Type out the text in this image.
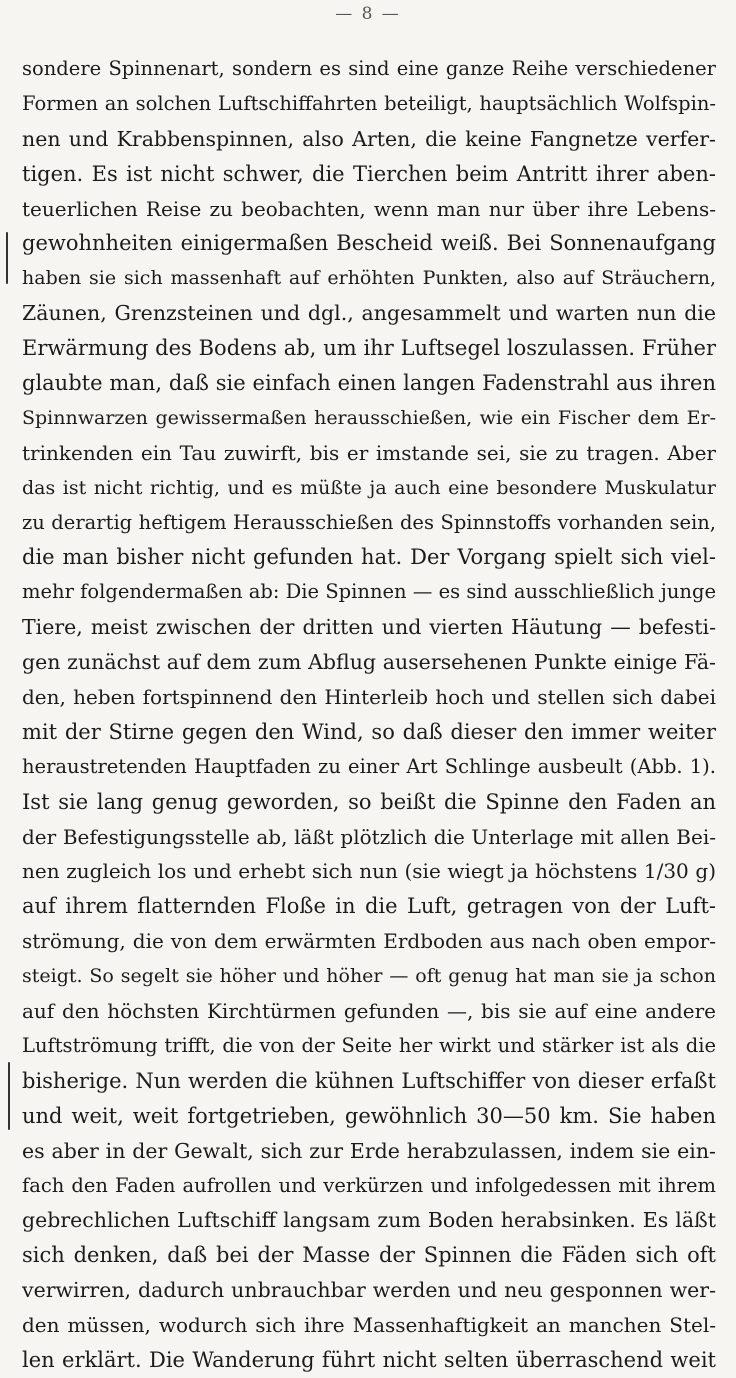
— 8 —
sondere Spinnenart, sondern es sind eine ganze Reihe verschiedener
Formen an solchen Luftschiffahrten beteiligt, hauptsächlich Wolfspin-
nen und Krabbenspinnen, also Arten, die keine Fangnetze verfer-
tigen. Es ist nicht schwer, die Tierchen beim Antritt ihrer aben-
teuerlichen Reise zu beobachten, wenn man nur über ihre Lebens-
gewohnheiten einigermaßen Bescheid weiß. Bei Sonnenaufgang
haben sie sich massenhaft auf erhöhten Punkten, also auf Sträuchern,
Zäunen, Grenzsteinen und dgl., angesammelt und warten nun die
Erwärmung des Bodens ab, um ihr Luftsegel loszulassen. Früher
glaubte man, daß sie einfach einen langen Fadenstrahl aus ihren
Spinnwarzen gewissermaßen herausschießen, wie ein Fischer dem Er-
trinkenden ein Tau zuwirft, bis er imstande sei, sie zu tragen. Aber
das ist nicht richtig, und es müßte ja auch eine besondere Muskulatur
zu derartig heftigem Herausschießen des Spinnstoffs vorhanden sein,
die man bisher nicht gefunden hat. Der Vorgang spielt sich viel-
mehr folgendermaßen ab: Die Spinnen — es sind ausschließlich junge
Tiere, meist zwischen der dritten und vierten Häutung — befesti-
gen zunächst auf dem zum Abflug ausersehenen Punkte einige Fä-
den, heben fortspinnend den Hinterleib hoch und stellen sich dabei
mit der Stirne gegen den Wind, so daß dieser den immer weiter
heraustretenden Hauptfaden zu einer Art Schlinge ausbeult (Abb. 1).
Ist sie lang genug geworden, so beißt die Spinne den Faden an
der Befestigungsstelle ab, läßt plötzlich die Unterlage mit allen Bei-
nen zugleich los und erhebt sich nun (sie wiegt ja höchstens 1/30 g)
auf ihrem flatternden Floße in die Luft, getragen von der Luft-
strömung, die von dem erwärmten Erdboden aus nach oben empor-
steigt. So segelt sie höher und höher — oft genug hat man sie ja schon
auf den höchsten Kirchtürmen gefunden —, bis sie auf eine andere
Luftströmung trifft, die von der Seite her wirkt und stärker ist als die
bisherige. Nun werden die kühnen Luftschiffer von dieser erfaßt
und weit, weit fortgetrieben, gewöhnlich 30—50 km. Sie haben
es aber in der Gewalt, sich zur Erde herabzulassen, indem sie ein-
fach den Faden aufrollen und verkürzen und infolgedessen mit ihrem
gebrechlichen Luftschiff langsam zum Boden herabsinken. Es läßt
sich denken, daß bei der Masse der Spinnen die Fäden sich oft
verwirren, dadurch unbrauchbar werden und neu gesponnen wer-
den müssen, wodurch sich ihre Massenhaftigkeit an manchen Stel-
len erklärt. Die Wanderung führt nicht selten überraschend weit
